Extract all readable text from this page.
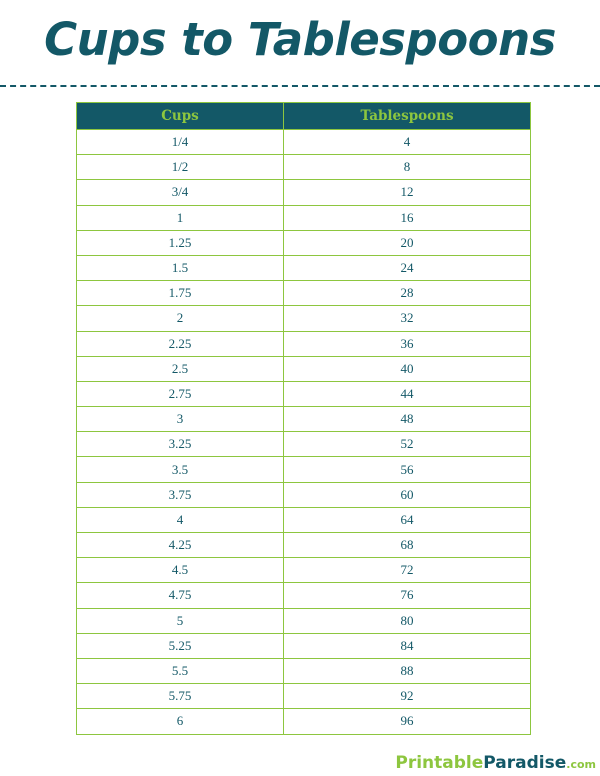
Cups to Tablespoons
Cups	Tablespoons
1/4	4
1/2	8
3/4	12
1	16
1.25	20
1.5	24
1.75	28
2	32
2.25	36
2.5	40
2.75	44
3	48
3.25	52
3.5	56
3.75	60
4	64
4.25	68
4.5	72
4.75	76
5	80
5.25	84
5.5	88
5.75	92
6	96
PrintableParadise.com
